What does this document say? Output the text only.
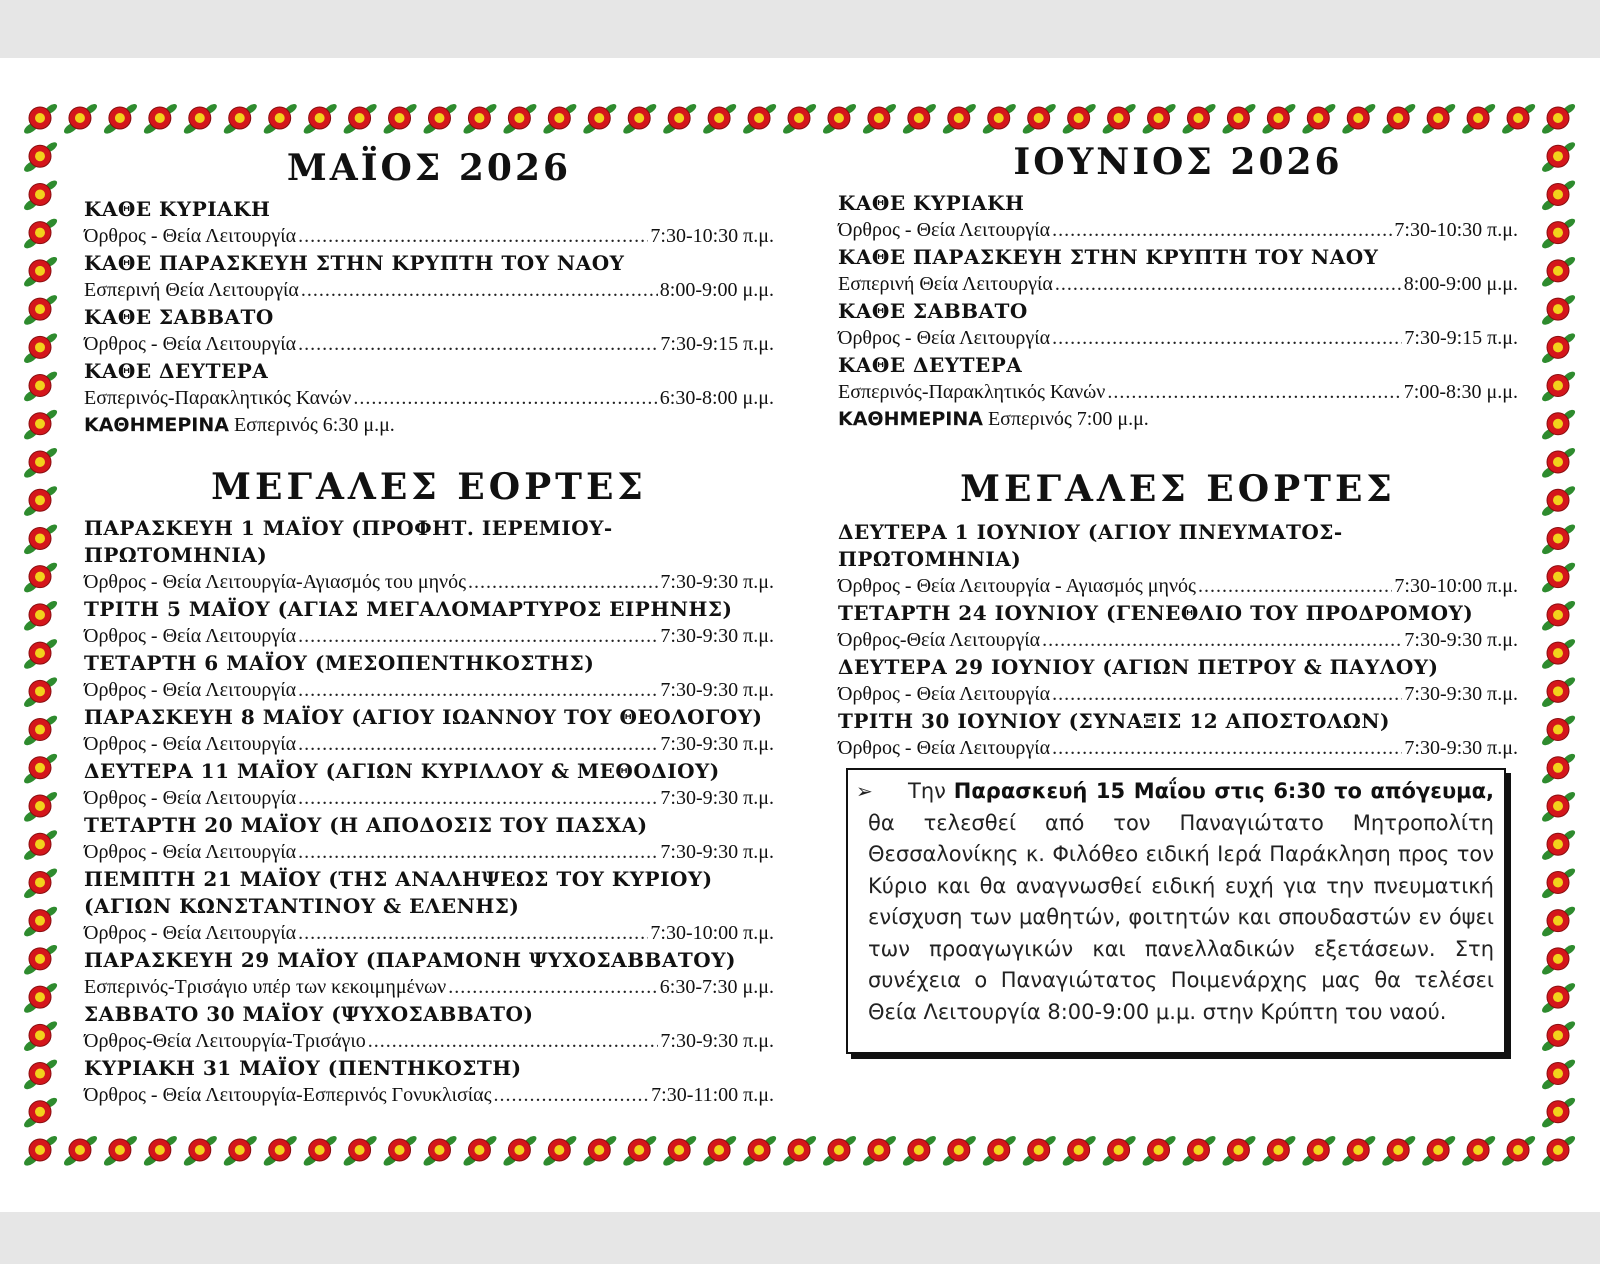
ΜΑΪΟΣ 2026
ΚΑΘΕ ΚΥΡΙΑΚΗ
Όρθρος - Θεία Λειτουργία .....	7:30-10:30 π.μ.
ΚΑΘΕ ΠΑΡΑΣΚΕΥΗ ΣΤΗΝ ΚΡΥΠΤΗ ΤΟΥ ΝΑΟΥ
Εσπερινή Θεία Λειτουργία .....	8:00-9:00 μ.μ.
ΚΑΘΕ ΣΑΒΒΑΤΟ
Όρθρος - Θεία Λειτουργία .....	7:30-9:15 π.μ.
ΚΑΘΕ ΔΕΥΤΕΡΑ
Εσπερινός-Παρακλητικός Κανών .....	6:30-8:00 μ.μ.
ΚΑΘΗΜΕΡΙΝΑ Εσπερινός 6:30 μ.μ.
ΜΕΓΑΛΕΣ ΕΟΡΤΕΣ
ΠΑΡΑΣΚΕΥΗ 1 ΜΑΪΟΥ (ΠΡΟΦΗΤ. ΙΕΡΕΜΙΟΥ-ΠΡΩΤΟΜΗΝΙΑ)
Όρθρος - Θεία Λειτουργία-Αγιασμός του μηνός .....	7:30-9:30 π.μ.
ΤΡΙΤΗ 5 ΜΑΪΟΥ (ΑΓΙΑΣ ΜΕΓΑΛΟΜΑΡΤΥΡΟΣ ΕΙΡΗΝΗΣ)
Όρθρος - Θεία Λειτουργία .....	7:30-9:30 π.μ.
ΤΕΤΑΡΤΗ 6 ΜΑΪΟΥ (ΜΕΣΟΠΕΝΤΗΚΟΣΤΗΣ)
Όρθρος - Θεία Λειτουργία .....	7:30-9:30 π.μ.
ΠΑΡΑΣΚΕΥΗ 8 ΜΑΪΟΥ (ΑΓΙΟΥ ΙΩΑΝΝΟΥ ΤΟΥ ΘΕΟΛΟΓΟΥ)
Όρθρος - Θεία Λειτουργία .....	7:30-9:30 π.μ.
ΔΕΥΤΕΡΑ 11 ΜΑΪΟΥ (ΑΓΙΩΝ ΚΥΡΙΛΛΟΥ & ΜΕΘΟΔΙΟΥ)
Όρθρος - Θεία Λειτουργία .....	7:30-9:30 π.μ.
ΤΕΤΑΡΤΗ 20 ΜΑΪΟΥ (Η ΑΠΟΔΟΣΙΣ ΤΟΥ ΠΑΣΧΑ)
Όρθρος - Θεία Λειτουργία .....	7:30-9:30 π.μ.
ΠΕΜΠΤΗ 21 ΜΑΪΟΥ (ΤΗΣ ΑΝΑΛΗΨΕΩΣ ΤΟΥ ΚΥΡΙΟΥ)
(ΑΓΙΩΝ ΚΩΝΣΤΑΝΤΙΝΟΥ & ΕΛΕΝΗΣ)
Όρθρος - Θεία Λειτουργία .....	7:30-10:00 π.μ.
ΠΑΡΑΣΚΕΥΗ 29 ΜΑΪΟΥ (ΠΑΡΑΜΟΝΗ ΨΥΧΟΣΑΒΒΑΤΟΥ)
Εσπερινός-Τρισάγιο υπέρ των κεκοιμημένων .....	6:30-7:30 μ.μ.
ΣΑΒΒΑΤΟ 30 ΜΑΪΟΥ (ΨΥΧΟΣΑΒΒΑΤΟ)
Όρθρος-Θεία Λειτουργία-Τρισάγιο .....	7:30-9:30 π.μ.
ΚΥΡΙΑΚΗ 31 ΜΑΪΟΥ (ΠΕΝΤΗΚΟΣΤΗ)
Όρθρος - Θεία Λειτουργία-Εσπερινός Γονυκλισίας .....	7:30-11:00 π.μ.
ΙΟΥΝΙΟΣ 2026
ΚΑΘΕ ΚΥΡΙΑΚΗ
Όρθρος - Θεία Λειτουργία .....	7:30-10:30 π.μ.
ΚΑΘΕ ΠΑΡΑΣΚΕΥΗ ΣΤΗΝ ΚΡΥΠΤΗ ΤΟΥ ΝΑΟΥ
Εσπερινή Θεία Λειτουργία .....	8:00-9:00 μ.μ.
ΚΑΘΕ ΣΑΒΒΑΤΟ
Όρθρος - Θεία Λειτουργία .....	7:30-9:15 π.μ.
ΚΑΘΕ ΔΕΥΤΕΡΑ
Εσπερινός-Παρακλητικός Κανών .....	7:00-8:30 μ.μ.
ΚΑΘΗΜΕΡΙΝΑ Εσπερινός 7:00 μ.μ.
ΜΕΓΑΛΕΣ ΕΟΡΤΕΣ
ΔΕΥΤΕΡΑ 1 ΙΟΥΝΙΟΥ (ΑΓΙΟΥ ΠΝΕΥΜΑΤΟΣ-ΠΡΩΤΟΜΗΝΙΑ)
Όρθρος - Θεία Λειτουργία - Αγιασμός μηνός .....	7:30-10:00 π.μ.
ΤΕΤΑΡΤΗ 24 ΙΟΥΝΙΟΥ (ΓΕΝΕΘΛΙΟ ΤΟΥ ΠΡΟΔΡΟΜΟΥ)
Όρθρος-Θεία Λειτουργία .....	7:30-9:30 π.μ.
ΔΕΥΤΕΡΑ 29 ΙΟΥΝΙΟΥ (ΑΓΙΩΝ ΠΕΤΡΟΥ & ΠΑΥΛΟΥ)
Όρθρος - Θεία Λειτουργία .....	7:30-9:30 π.μ.
ΤΡΙΤΗ 30 ΙΟΥΝΙΟΥ (ΣΥΝΑΞΙΣ 12 ΑΠΟΣΤΟΛΩΝ)
Όρθρος - Θεία Λειτουργία .....	7:30-9:30 π.μ.
➢	Την Παρασκευή 15 Μαΐου στις 6:30 το απόγευμα, θα τελεσθεί από τον Παναγιώτατο Μητροπολίτη Θεσσαλονίκης κ. Φιλόθεο ειδική Ιερά Παράκληση προς τον Κύριο και θα αναγνωσθεί ειδική ευχή για την πνευματική ενίσχυση των μαθητών, φοιτητών και σπουδαστών εν όψει των προαγωγικών και πανελλαδικών εξετάσεων. Στη συνέχεια ο Παναγιώτατος Ποιμενάρχης μας θα τελέσει Θεία Λειτουργία 8:00-9:00 μ.μ. στην Κρύπτη του ναού.
